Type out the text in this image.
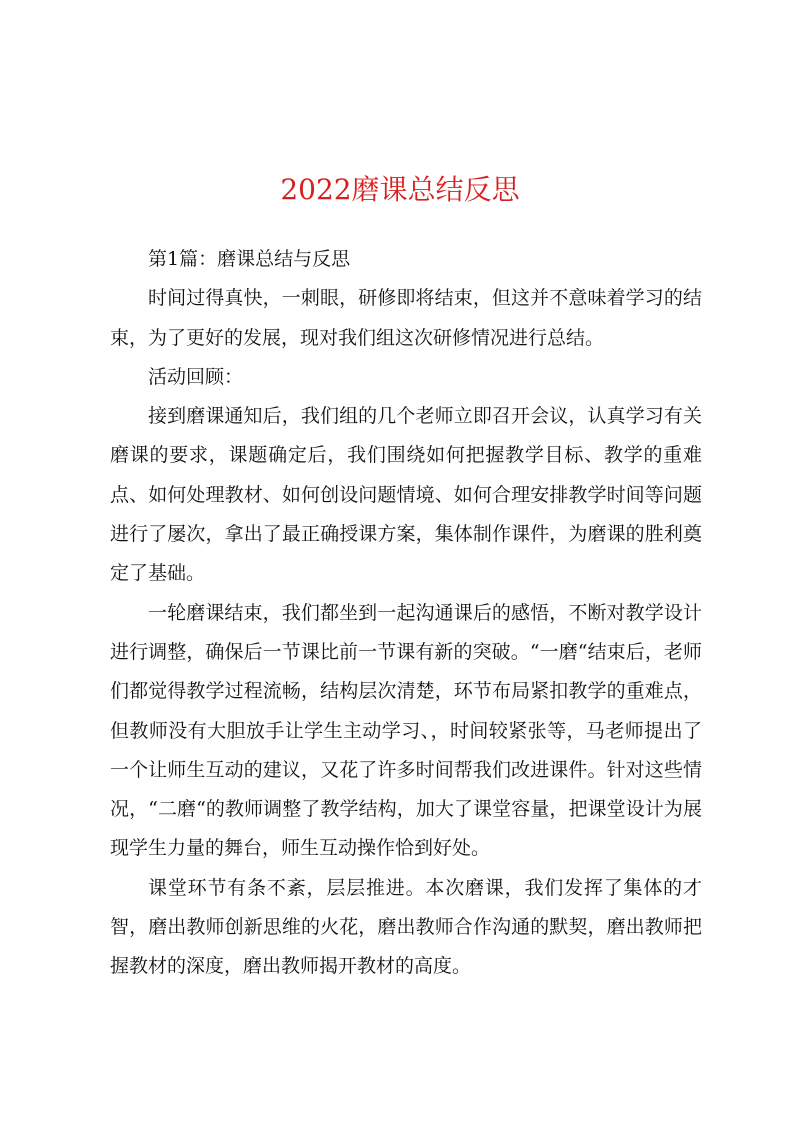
2022磨课总结反思

第1篇：磨课总结与反思

时间过得真快，一刺眼，研修即将结束，但这并不意味着学习的结束，为了更好的发展，现对我们组这次研修情况进行总结。

活动回顾：

接到磨课通知后，我们组的几个老师立即召开会议，认真学习有关磨课的要求，课题确定后，我们围绕如何把握教学目标、教学的重难点、如何处理教材、如何创设问题情境、如何合理安排教学时间等问题进行了屡次，拿出了最正确授课方案，集体制作课件，为磨课的胜利奠定了基础。

一轮磨课结束，我们都坐到一起沟通课后的感悟，不断对教学设计进行调整，确保后一节课比前一节课有新的突破。“一磨“结束后，老师们都觉得教学过程流畅，结构层次清楚，环节布局紧扣教学的重难点，但教师没有大胆放手让学生主动学习、，时间较紧张等，马老师提出了一个让师生互动的建议，又花了许多时间帮我们改进课件。针对这些情况，“二磨“的教师调整了教学结构，加大了课堂容量，把课堂设计为展现学生力量的舞台，师生互动操作恰到好处。

课堂环节有条不紊，层层推进。本次磨课，我们发挥了集体的才智，磨出教师创新思维的火花，磨出教师合作沟通的默契，磨出教师把握教材的深度，磨出教师揭开教材的高度。
